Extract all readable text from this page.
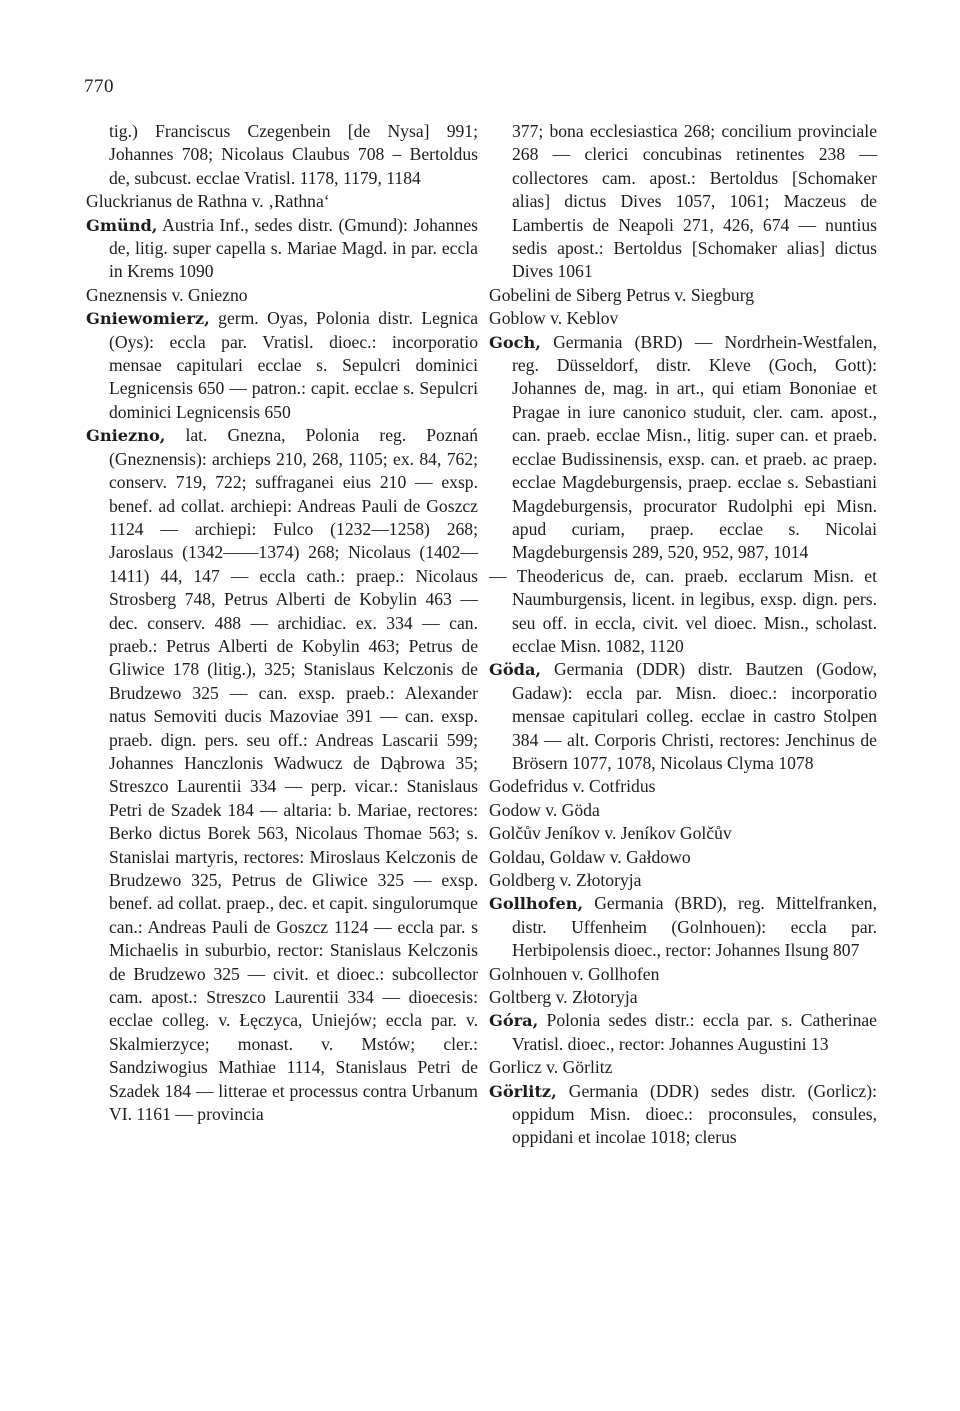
770

tig.) Franciscus Czegenbein [de Nysa] 991; Johannes 708; Nicolaus Claubus 708 – Bertoldus de, subcust. ecclae Vratisl. 1178, 1179, 1184

Gluckrianus de Rathna v. ‚Rathna‘

Gmünd, Austria Inf., sedes distr. (Gmund): Johannes de, litig. super capella s. Mariae Magd. in par. eccla in Krems 1090

Gneznensis v. Gniezno

Gniewomierz, germ. Oyas, Polonia distr. Legnica (Oys): eccla par. Vratisl. dioec.: incorporatio mensae capitulari ecclae s. Sepulcri dominici Legnicensis 650 — patron.: capit. ecclae s. Sepulcri dominici Legnicensis 650

Gniezno, lat. Gnezna, Polonia reg. Poznań (Gneznensis): archieps 210, 268, 1105; ex. 84, 762; conserv. 719, 722; suffraganei eius 210 — exsp. benef. ad collat. archiepi: Andreas Pauli de Goszcz 1124 — archiepi: Fulco (1232—1258) 268; Jaroslaus (1342——1374) 268; Nicolaus (1402—1411) 44, 147 — eccla cath.: praep.: Nicolaus Strosberg 748, Petrus Alberti de Kobylin 463 — dec. conserv. 488 — archidiac. ex. 334 — can. praeb.: Petrus Alberti de Kobylin 463; Petrus de Gliwice 178 (litig.), 325; Stanislaus Kelczonis de Brudzewo 325 — can. exsp. praeb.: Alexander natus Semoviti ducis Mazoviae 391 — can. exsp. praeb. dign. pers. seu off.: Andreas Lascarii 599; Johannes Hanczlonis Wadwucz de Dąbrowa 35; Streszco Laurentii 334 — perp. vicar.: Stanislaus Petri de Szadek 184 — altaria: b. Mariae, rectores: Berko dictus Borek 563, Nicolaus Thomae 563; s. Stanislai martyris, rectores: Miroslaus Kelczonis de Brudzewo 325, Petrus de Gliwice 325 — exsp. benef. ad collat. praep., dec. et capit. singulorumque can.: Andreas Pauli de Goszcz 1124 — eccla par. s Michaelis in suburbio, rector: Stanislaus Kelczonis de Brudzewo 325 — civit. et dioec.: subcollector cam. apost.: Streszco Laurentii 334 — dioecesis: ecclae colleg. v. Łęczyca, Uniejów; eccla par. v. Skalmierzyce; monast. v. Mstów; cler.: Sandziwogius Mathiae 1114, Stanislaus Petri de Szadek 184 — litterae et processus contra Urbanum VI. 1161 — provincia

377; bona ecclesiastica 268; concilium provinciale 268 — clerici concubinas retinentes 238 — collectores cam. apost.: Bertoldus [Schomaker alias] dictus Dives 1057, 1061; Maczeus de Lambertis de Neapoli 271, 426, 674 — nuntius sedis apost.: Bertoldus [Schomaker alias] dictus Dives 1061

Gobelini de Siberg Petrus v. Siegburg

Goblow v. Keblov

Goch, Germania (BRD) — Nordrhein-Westfalen, reg. Düsseldorf, distr. Kleve (Goch, Gott): Johannes de, mag. in art., qui etiam Bononiae et Pragae in iure canonico studuit, cler. cam. apost., can. praeb. ecclae Misn., litig. super can. et praeb. ecclae Budissinensis, exsp. can. et praeb. ac praep. ecclae Magdeburgensis, praep. ecclae s. Sebastiani Magdeburgensis, procurator Rudolphi epi Misn. apud curiam, praep. ecclae s. Nicolai Magdeburgensis 289, 520, 952, 987, 1014

— Theodericus de, can. praeb. ecclarum Misn. et Naumburgensis, licent. in legibus, exsp. dign. pers. seu off. in eccla, civit. vel dioec. Misn., scholast. ecclae Misn. 1082, 1120

Göda, Germania (DDR) distr. Bautzen (Godow, Gadaw): eccla par. Misn. dioec.: incorporatio mensae capitulari colleg. ecclae in castro Stolpen 384 — alt. Corporis Christi, rectores: Jenchinus de Brösern 1077, 1078, Nicolaus Clyma 1078

Godefridus v. Cotfridus

Godow v. Göda

Golčův Jeníkov v. Jeníkov Golčův

Goldau, Goldaw v. Gałdowo

Goldberg v. Złotoryja

Gollhofen, Germania (BRD), reg. Mittelfranken, distr. Uffenheim (Golnhouen): eccla par. Herbipolensis dioec., rector: Johannes Ilsung 807

Golnhouen v. Gollhofen

Goltberg v. Złotoryja

Góra, Polonia sedes distr.: eccla par. s. Catherinae Vratisl. dioec., rector: Johannes Augustini 13

Gorlicz v. Görlitz

Görlitz, Germania (DDR) sedes distr. (Gorlicz): oppidum Misn. dioec.: proconsules, consules, oppidani et incolae 1018; clerus
